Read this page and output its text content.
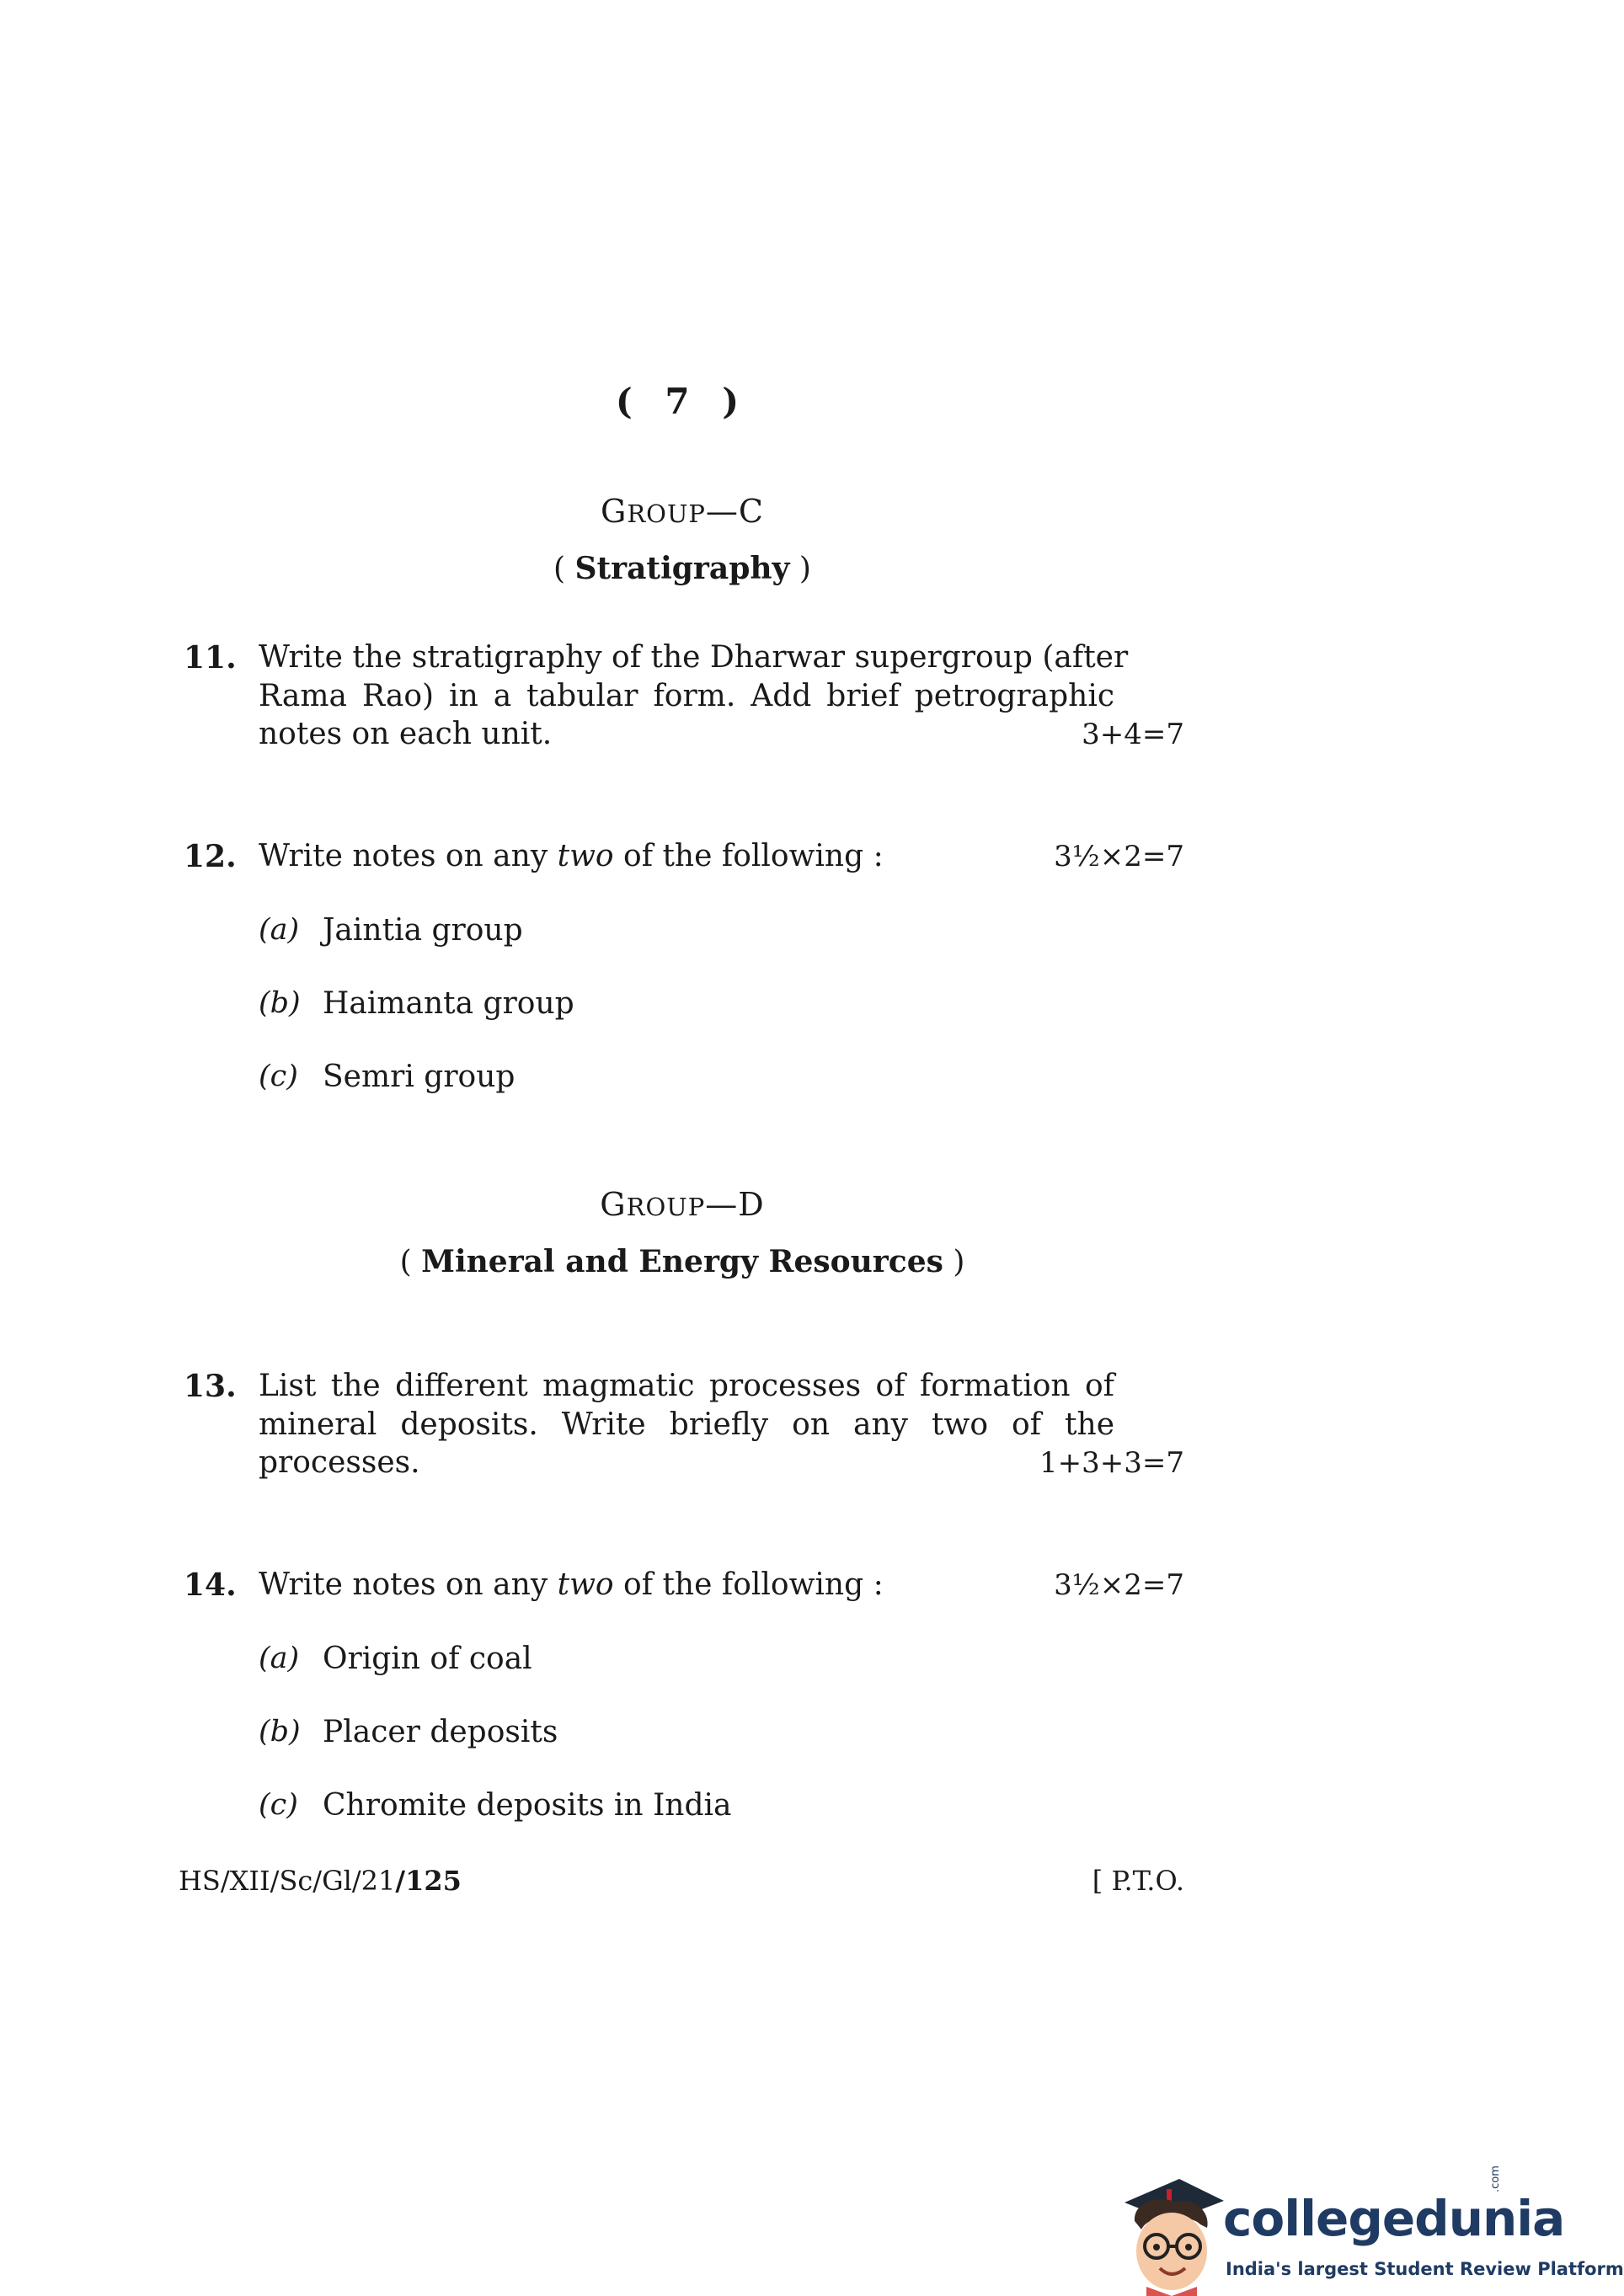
( 7 )
GROUP—C
( Stratigraphy )
11. Write the stratigraphy of the Dharwar supergroup (after
Rama Rao) in a tabular form. Add brief petrographic
notes on each unit.	3+4=7
12. Write notes on any two of the following :	3½×2=7
(a) Jaintia group
(b) Haimanta group
(c) Semri group
GROUP—D
( Mineral and Energy Resources )
13. List the different magmatic processes of formation of
mineral deposits. Write briefly on any two of the
processes.	1+3+3=7
14. Write notes on any two of the following :	3½×2=7
(a) Origin of coal
(b) Placer deposits
(c) Chromite deposits in India
HS/XII/Sc/Gl/21/125	[ P.T.O.
collegedunia
.com
India's largest Student Review Platform
